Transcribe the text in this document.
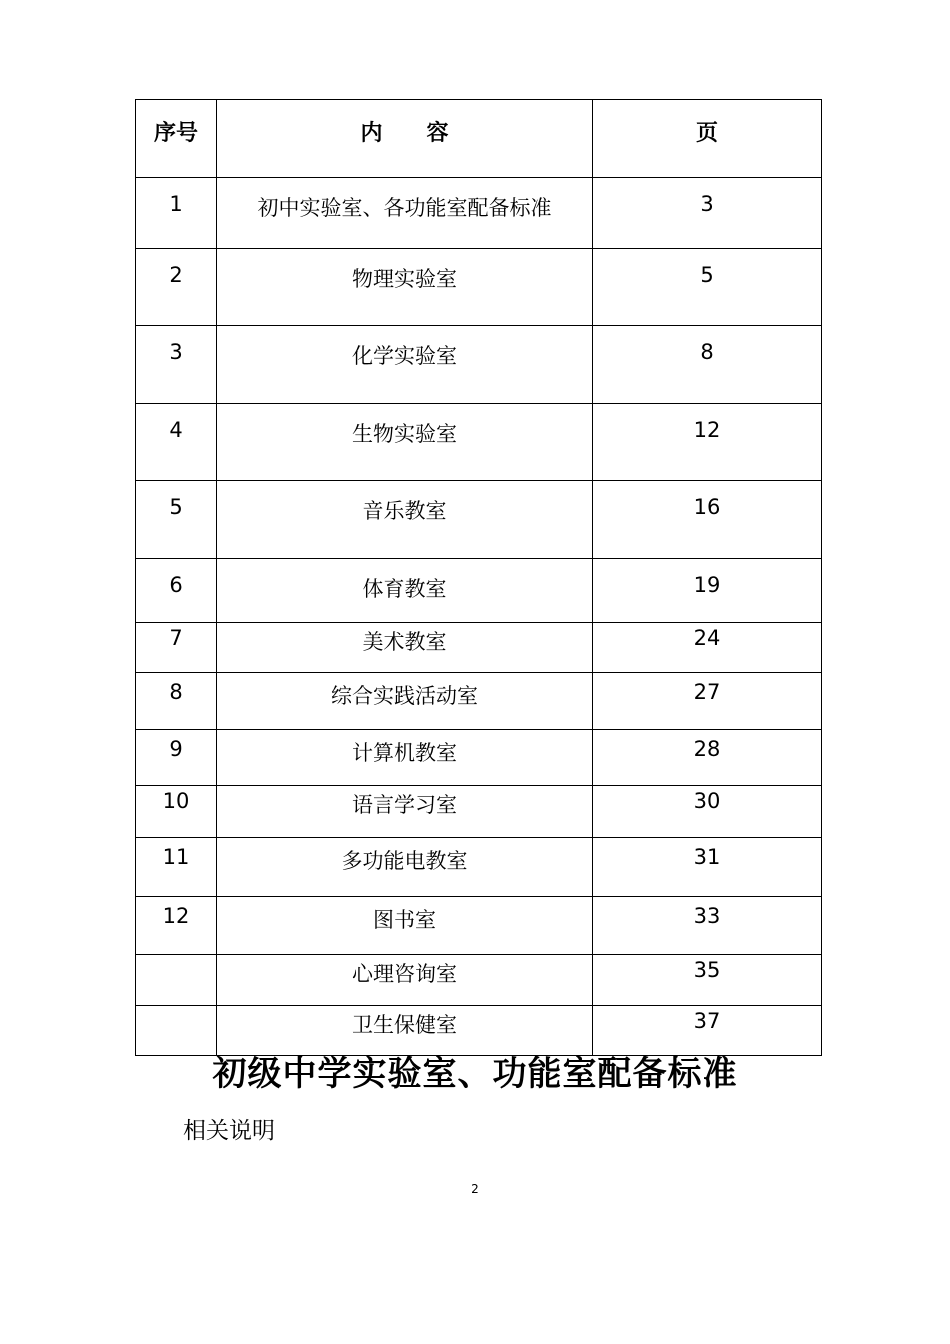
序号	内　　容	页

1	初中实验室、各功能室配备标准	3

2	物理实验室	5

3	化学实验室	8

4	生物实验室	12

5	音乐教室	16

6	体育教室	19

7	美术教室	24

8	综合实践活动室	27

9	计算机教室	28

10	语言学习室	30

11	多功能电教室	31

12	图书室	33

	心理咨询室	35

	卫生保健室	37
初级中学实验室、功能室配备标准
相关说明
2
